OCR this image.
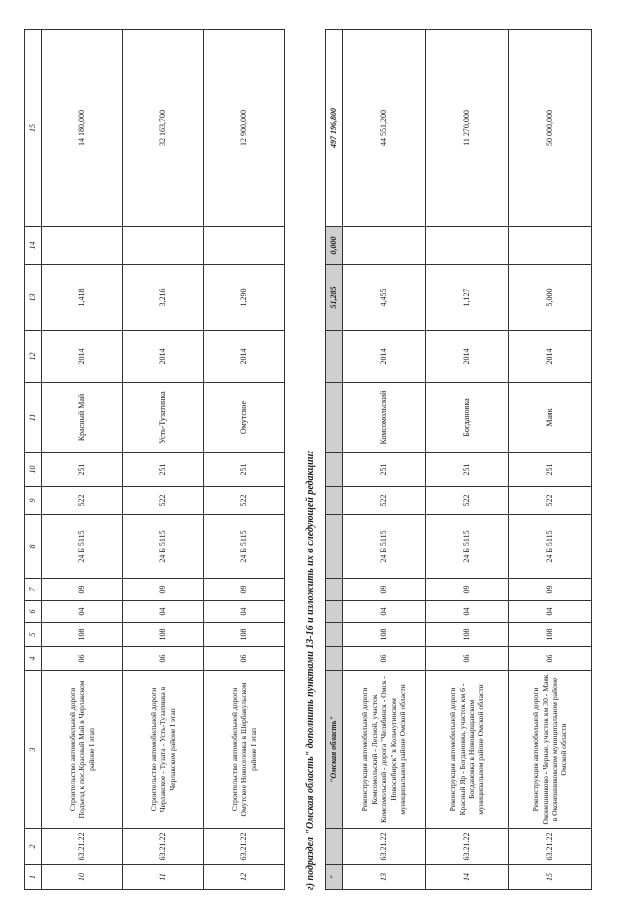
1	2	3	4	5	6	7	8	9	10	11	12	13	14	15
10	63.21.22	Строительство автомобильной дороги Подъезд к пос.Красный Май в Черлакском районе I этап	06	108	04	09	24 Б 5115	522	251	Красный Май	2014	1,418		14 180,000
11	63.21.22	Строительство автомобильной дороги Черлакское - Тузата - Усть-Тузатинка в Черлакском районе I этап	06	108	04	09	24 Б 5115	522	251	Усть-Тузатинка	2014	3,216		32 163,700
12	63.21.22	Строительство автомобильной дороги Омутское Новоселовка в Шербакульском районе I этап	06	108	04	09	24 Б 5115	522	251	Омутское	2014	1,290		12 900,000
г) подраздел "Омская область" дополнить пунктами 13-16 и изложить их в следующей редакции: "		"Омская область"										51,285	0,000	497 196,800
13	63.21.22	Реконструкция автомобильной дороги Комсомольский - Лесной, участок Комсомольский - дорога "Челябинск - Омск - Новосибирск" в Кольчугинском муниципальном районе Омской области	06	108	04	09	24 Б 5115	522	251	Комсомольский	2014	4,455		44 551,200
14	63.21.22	Реконструкция автомобильной дороги Красный Яр - Богдановка, участок км 6 - Богдановка в Нововарщавском муниципальном районе Омской области	06	108	04	09	24 Б 5115	522	251	Богдановка	2014	1,127		11 270,000
15	63.21.22	Реконструкция автомобильной дороги Оконешниково - Чернае, участок км 30 - Маяк в Оконешниковском муниципальном районе Омской области	06	108	04	09	24 Б 5115	522	251	Маяк	2014	5,000		50 000,000
